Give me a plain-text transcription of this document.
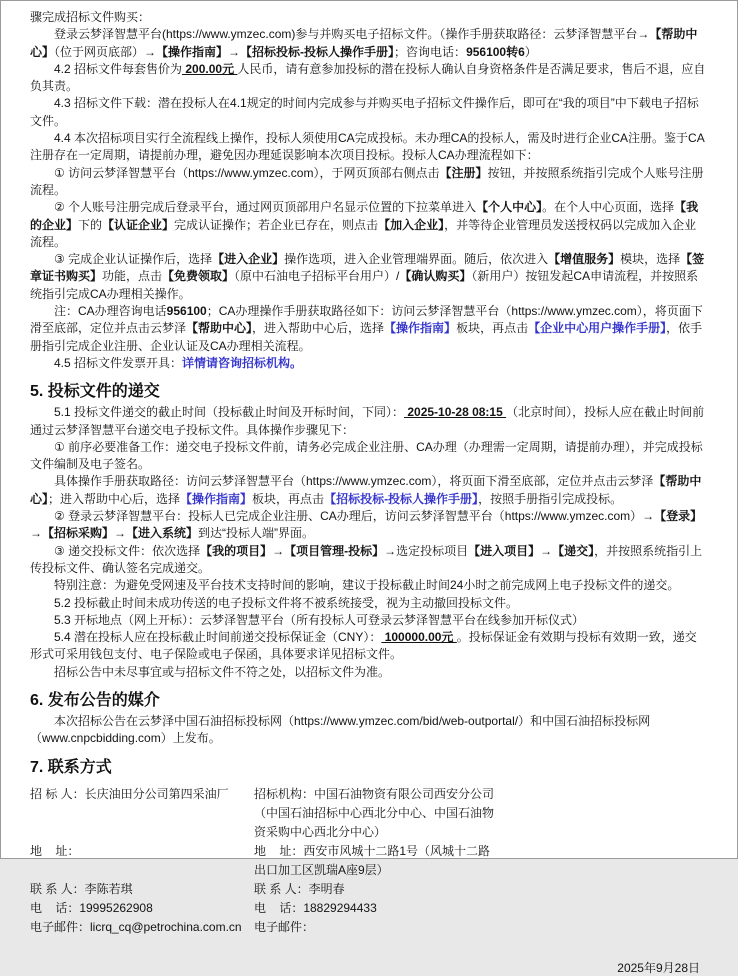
骤完成招标文件购买：

登录云梦泽智慧平台(https://www.ymzec.com)参与并购买电子招标文件。（操作手册获取路径：云梦泽智慧平台→【帮助中心】（位于网页底部）→【操作指南】→【招标投标-投标人操作手册】；咨询电话：956100转6）

4.2 招标文件每套售价为 200.00元 人民币，请有意参加投标的潜在投标人确认自身资格条件是否满足要求，售后不退，应自负其责。

4.3 招标文件下载：潜在投标人在4.1规定的时间内完成参与并购买电子招标文件操作后，即可在“我的项目”中下载电子招标文件。

4.4 本次招标项目实行全流程线上操作，投标人须使用CA完成投标。未办理CA的投标人，需及时进行企业CA注册。鉴于CA注册存在一定周期，请提前办理，避免因办理延误影响本次项目投标。投标人CA办理流程如下：

① 访问云梦泽智慧平台（https://www.ymzec.com），于网页顶部右侧点击【注册】按钮，并按照系统指引完成个人账号注册流程。

② 个人账号注册完成后登录平台，通过网页顶部用户名显示位置的下拉菜单进入【个人中心】。在个人中心页面，选择【我的企业】下的【认证企业】完成认证操作；若企业已存在，则点击【加入企业】，并等待企业管理员发送授权码以完成加入企业流程。

③ 完成企业认证操作后，选择【进入企业】操作选项，进入企业管理端界面。随后，依次进入【增值服务】模块，选择【签章证书购买】功能，点击【免费领取】（原中石油电子招标平台用户）/【确认购买】（新用户）按钮发起CA申请流程，并按照系统指引完成CA办理相关操作。

注：CA办理咨询电话956100；CA办理操作手册获取路径如下：访问云梦泽智慧平台（https://www.ymzec.com），将页面下滑至底部，定位并点击云梦泽【帮助中心】，进入帮助中心后，选择【操作指南】板块，再点击【企业中心用户操作手册】，依手册指引完成企业注册、企业认证及CA办理相关流程。

4.5 招标文件发票开具：详情请咨询招标机构。

5. 投标文件的递交

5.1 投标文件递交的截止时间（投标截止时间及开标时间，下同）： 2025-10-28 08:15 （北京时间），投标人应在截止时间前通过云梦泽智慧平台递交电子投标文件。具体操作步骤见下：

① 前序必要准备工作：递交电子投标文件前，请务必完成企业注册、CA办理（办理需一定周期，请提前办理），并完成投标文件编制及电子签名。

具体操作手册获取路径：访问云梦泽智慧平台（https://www.ymzec.com），将页面下滑至底部，定位并点击云梦泽【帮助中心】；进入帮助中心后，选择【操作指南】板块，再点击【招标投标-投标人操作手册】，按照手册指引完成投标。

② 登录云梦泽智慧平台：投标人已完成企业注册、CA办理后，访问云梦泽智慧平台（https://www.ymzec.com）→【登录】→【招标采购】→【进入系统】到达“投标人端”界面。

③ 递交投标文件：依次选择【我的项目】→【项目管理-投标】→选定投标项目【进入项目】→【递交】，并按照系统指引上传投标文件、确认签名完成递交。

特别注意：为避免受网速及平台技术支持时间的影响，建议于投标截止时间24小时之前完成网上电子投标文件的递交。

5.2 投标截止时间未成功传送的电子投标文件将不被系统接受，视为主动撤回投标文件。

5.3 开标地点（网上开标）：云梦泽智慧平台（所有投标人可登录云梦泽智慧平台在线参加开标仪式）

5.4 潜在投标人应在投标截止时间前递交投标保证金（CNY）： 100000.00元 。投标保证金有效期与投标有效期一致，递交形式可采用钱包支付、电子保险或电子保函，具体要求详见招标文件。

招标公告中未尽事宜或与招标文件不符之处，以招标文件为准。

6. 发布公告的媒介

本次招标公告在云梦泽中国石油招标投标网（https://www.ymzec.com/bid/web-outportal/）和中国石油招标投标网（www.cnpcbidding.com）上发布。

7. 联系方式
招 标 人：长庆油田分公司第四采油厂	招标机构：中国石油物资有限公司西安分公司
（中国石油招标中心西北分中心、中国石油物
资采购中心西北分中心）
地    址：	地    址：西安市风城十二路1号（风城十二路
出口加工区凯瑞A座9层）
联 系 人：李陈若琪	联 系 人：李明春
电    话：19995262908	电    话：18829294433
电子邮件：licrq_cq@petrochina.com.cn	电子邮件：
2025年9月28日
